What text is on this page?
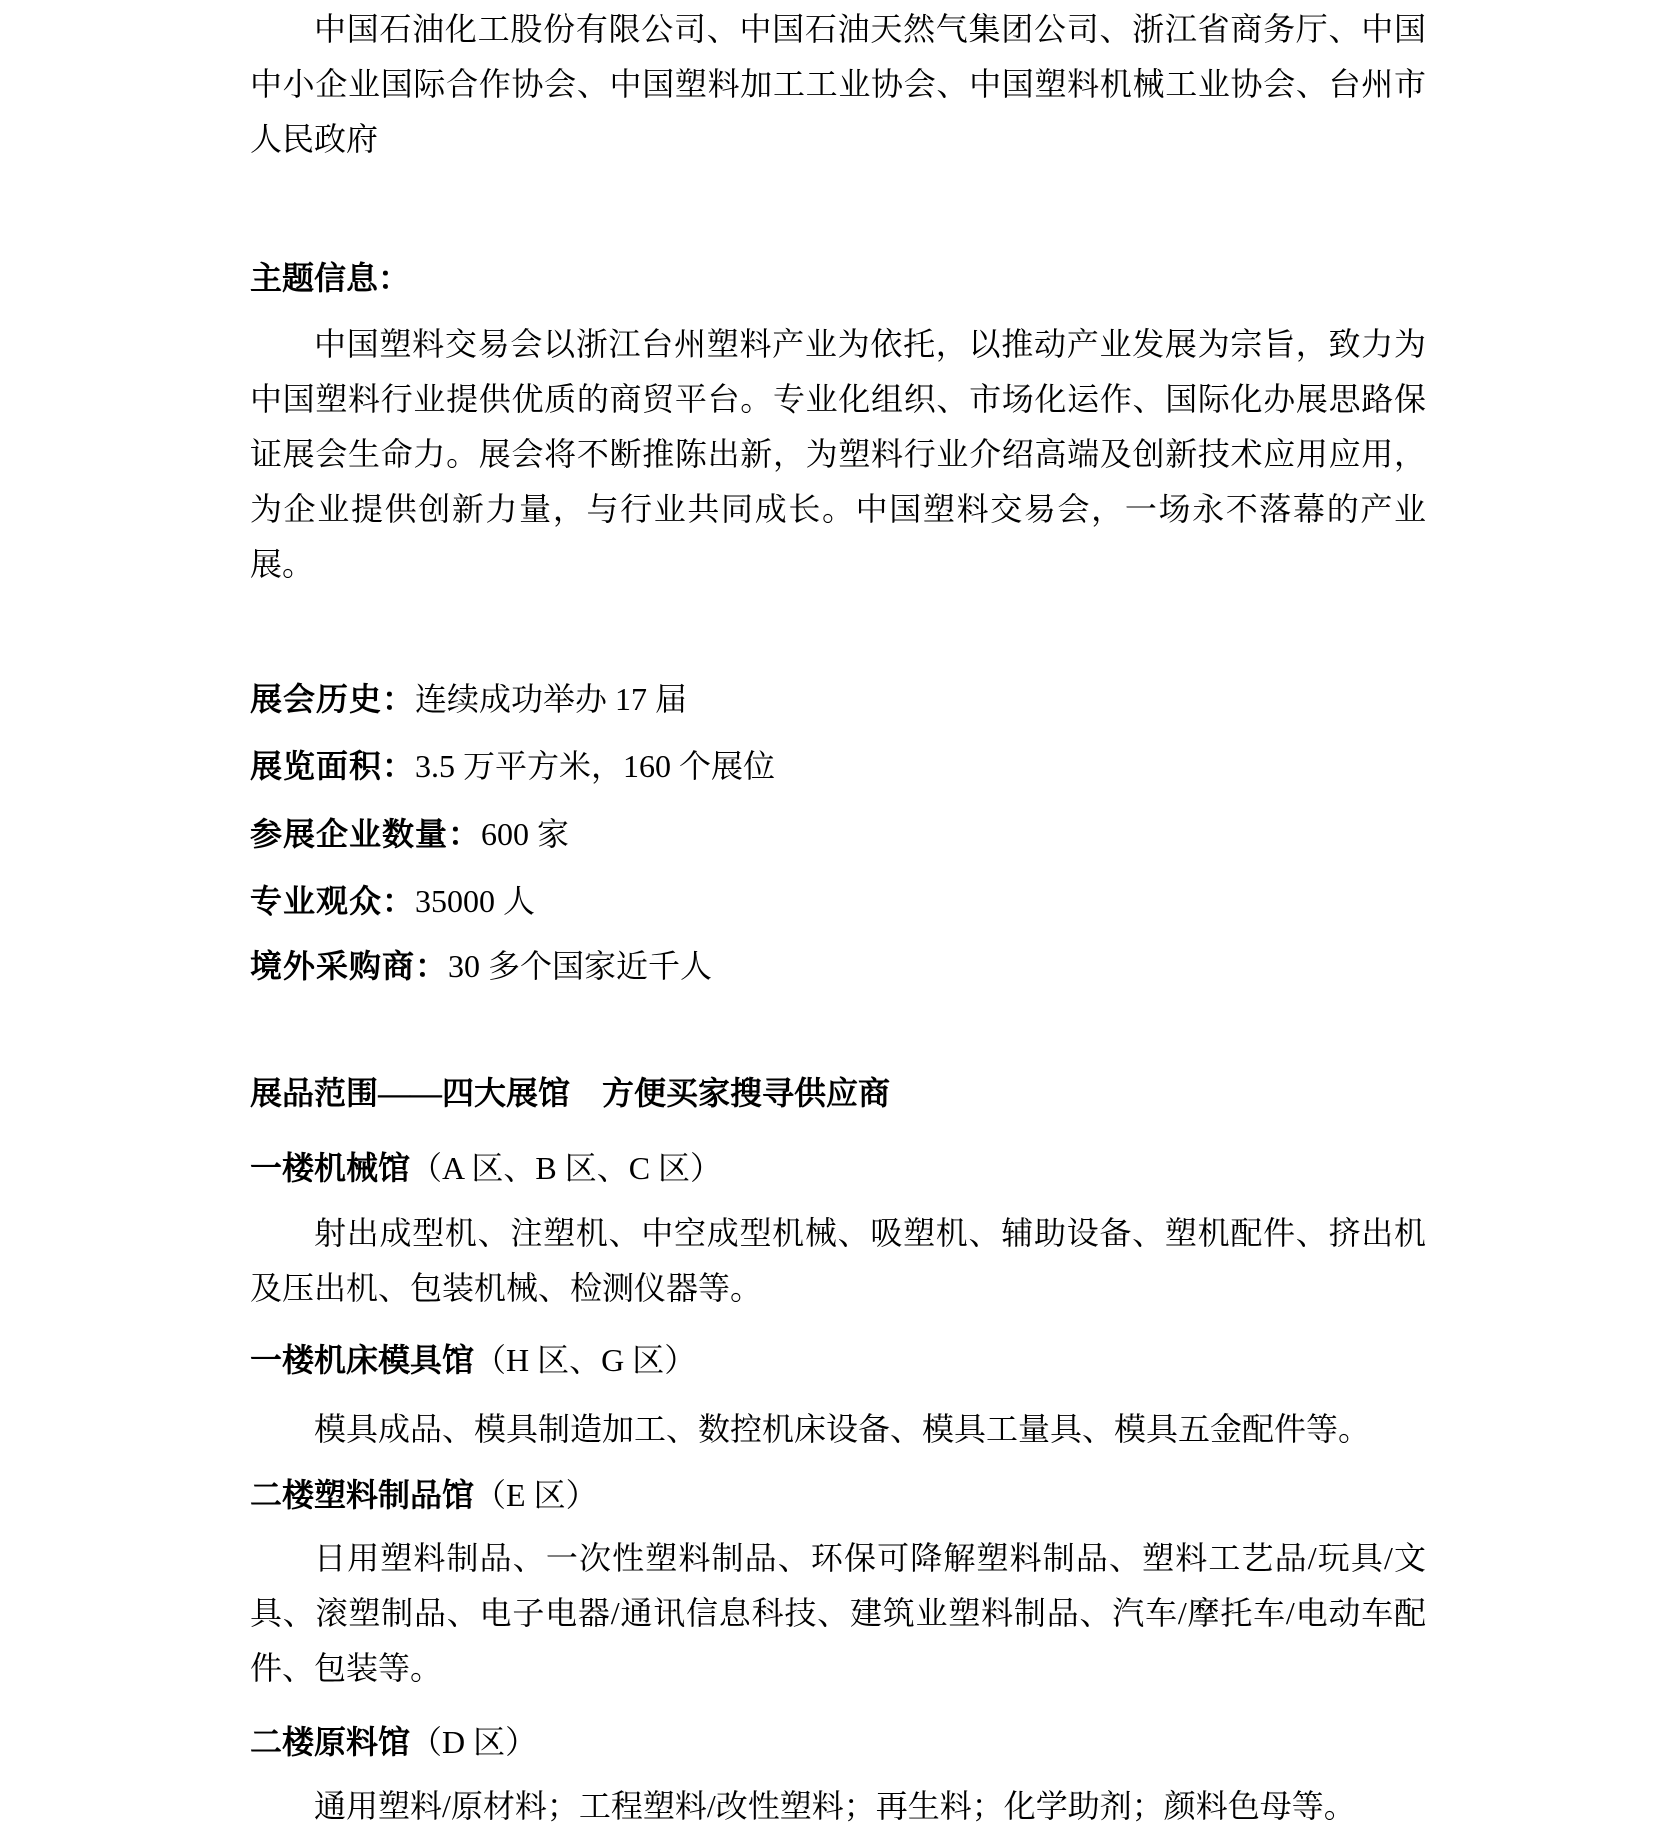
中国石油化工股份有限公司、中国石油天然气集团公司、浙江省商务厅、中国中小企业国际合作协会、中国塑料加工工业协会、中国塑料机械工业协会、台州市人民政府

主题信息：

中国塑料交易会以浙江台州塑料产业为依托，以推动产业发展为宗旨，致力为中国塑料行业提供优质的商贸平台。专业化组织、市场化运作、国际化办展思路保证展会生命力。展会将不断推陈出新，为塑料行业介绍高端及创新技术应用应用，为企业提供创新力量，与行业共同成长。中国塑料交易会，一场永不落幕的产业展。

展会历史：连续成功举办 17 届

展览面积：3.5 万平方米，160 个展位

参展企业数量：600 家

专业观众：35000 人

境外采购商：30 多个国家近千人

展品范围——四大展馆　方便买家搜寻供应商

一楼机械馆（A 区、B 区、C 区）

射出成型机、注塑机、中空成型机械、吸塑机、辅助设备、塑机配件、挤出机及压出机、包装机械、检测仪器等。

一楼机床模具馆（H 区、G 区）

模具成品、模具制造加工、数控机床设备、模具工量具、模具五金配件等。

二楼塑料制品馆（E 区）

日用塑料制品、一次性塑料制品、环保可降解塑料制品、塑料工艺品/玩具/文具、滚塑制品、电子电器/通讯信息科技、建筑业塑料制品、汽车/摩托车/电动车配件、包装等。

二楼原料馆（D 区）

通用塑料/原材料；工程塑料/改性塑料；再生料；化学助剂；颜料色母等。
